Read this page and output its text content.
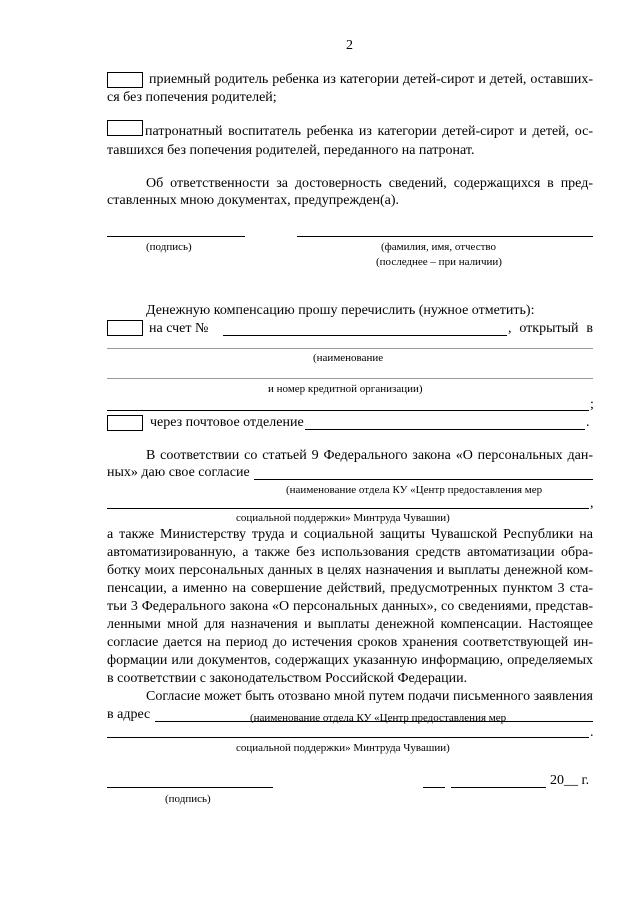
2
приемный родитель ребенка из категории детей-сирот и детей, оставших-
ся без попечения родителей;
патронатный воспитатель ребенка из категории детей-сирот и детей, ос-
тавшихся без попечения родителей, переданного на патронат.
Об ответственности за достоверность сведений, содержащихся в пред-
ставленных мною документах, предупрежден(а).
(подпись)	(фамилия, имя, отчество
(последнее – при наличии)
Денежную компенсацию прошу перечислить (нужное отметить):
на счет №	, открытый в
(наименование
и номер кредитной организации)
;
через почтовое отделение	.
В соответствии со статьей 9 Федерального закона «О персональных дан-
ных» даю свое согласие
(наименование отдела КУ «Центр предоставления мер
,
социальной поддержки» Минтруда Чувашии)
а также Министерству труда и социальной защиты Чувашской Республики на
автоматизированную, а также без использования средств автоматизации обра-
ботку моих персональных данных в целях назначения и выплаты денежной ком-
пенсации, а именно на совершение действий, предусмотренных пунктом 3 ста-
тьи 3 Федерального закона «О персональных данных», со сведениями, представ-
ленными мной для назначения и выплаты денежной компенсации. Настоящее
согласие дается на период до истечения сроков хранения соответствующей ин-
формации или документов, содержащих указанную информацию, определяемых
в соответствии с законодательством Российской Федерации.
Согласие может быть отозвано мной путем подачи письменного заявления
в адрес	(наименование отдела КУ «Центр предоставления мер
.
социальной поддержки» Минтруда Чувашии)
(подпись)
20__ г.
